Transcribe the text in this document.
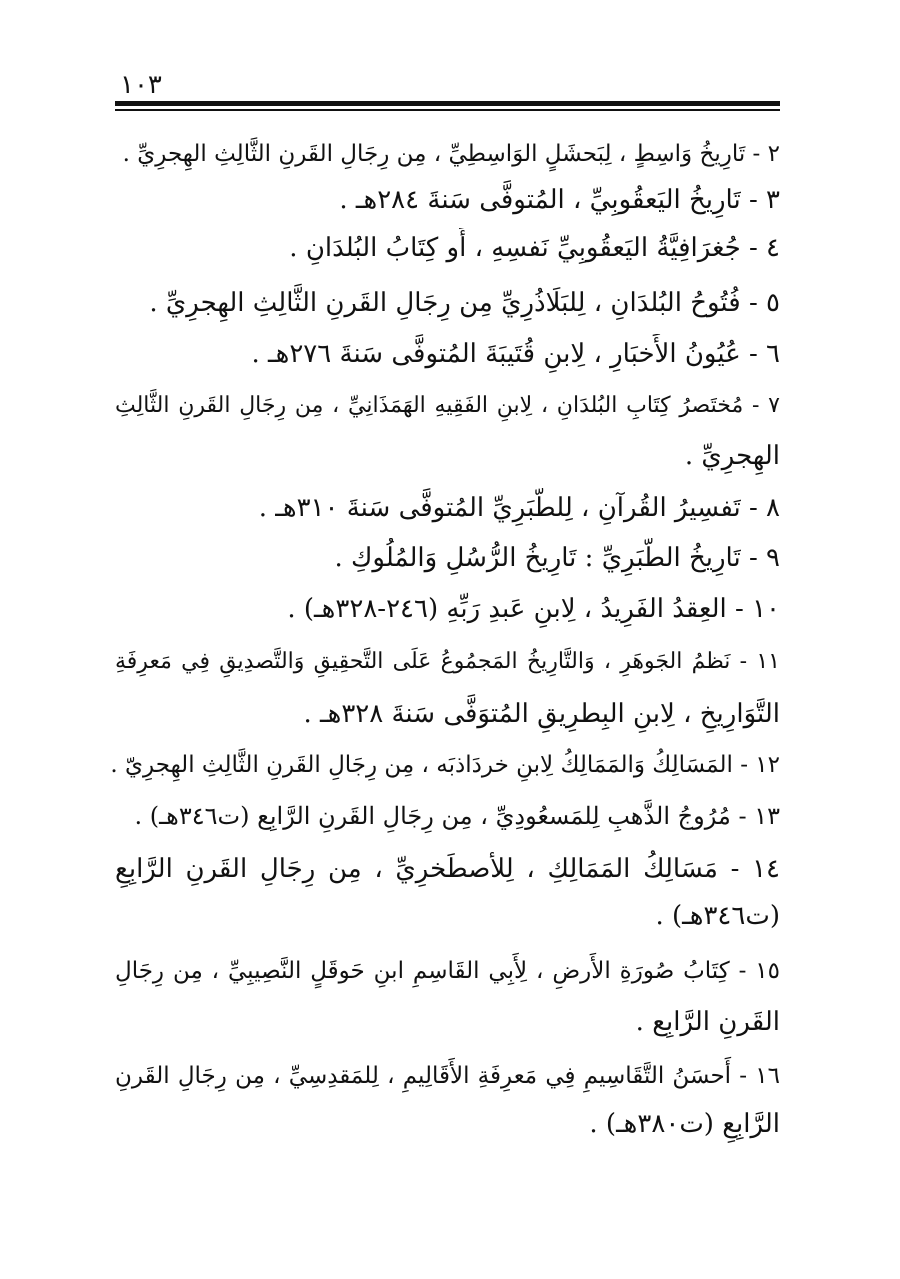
١٠٣
٢ - تَارِيخُ وَاسِطٍ ، لِبَحشَلٍ الوَاسِطِيِّ ، مِن رِجَالِ القَرنِ الثَّالِثِ الهِجرِيِّ .
٣ - تَارِيخُ اليَعقُوبِيِّ ، المُتوفَّى سَنةَ ٢٨٤هـ .
٤ - جُغرَافِيَّةُ اليَعقُوبِيِّ نَفسِهِ ، أَو كِتَابُ البُلدَانِ .
٥ - فُتُوحُ البُلدَانِ ، لِلبَلَاذُرِيِّ مِن رِجَالِ القَرنِ الثَّالِثِ الهِجرِيِّ .
٦ - عُيُونُ الأَخبَارِ ، لِابنِ قُتَيبَةَ المُتوفَّى سَنةَ ٢٧٦هـ .
٧ - مُختَصرُ كِتَابِ البُلدَانِ ، لِابنِ الفَقِيهِ الهَمَذَانِيِّ ، مِن رِجَالِ القَرنِ الثَّالِثِ
الهِجرِيِّ .
٨ - تَفسِيرُ القُرآنِ ، لِلطَّبَرِيِّ المُتوفَّى سَنةَ ٣١٠هـ .
٩ - تَارِيخُ الطَّبَرِيِّ : تَارِيخُ الرُّسُلِ وَالمُلُوكِ .
١٠ - العِقدُ الفَرِيدُ ، لِابنِ عَبدِ رَبِّهِ (٢٤٦-٣٢٨هـ) .
١١ - نَظمُ الجَوهَرِ ، وَالتَّارِيخُ المَجمُوعُ عَلَى التَّحقِيقِ وَالتَّصدِيقِ فِي مَعرِفَةِ
التَّوَارِيخِ ، لِابنِ البِطرِيقِ المُتوَفَّى سَنةَ ٣٢٨هـ .
١٢ - المَسَالِكُ وَالمَمَالِكُ لِابنِ خردَاذبَه ، مِن رِجَالِ القَرنِ الثَّالِثِ الهِجرِيّ .
١٣ - مُرُوجُ الذَّهبِ لِلمَسعُودِيِّ ، مِن رِجَالِ القَرنِ الرَّابِع (ت٣٤٦هـ) .
١٤ - مَسَالِكُ المَمَالِكِ ، لِلأصطَخرِيِّ ، مِن رِجَالِ القَرنِ الرَّابِعِ
(ت٣٤٦هـ) .
١٥ - كِتَابُ صُورَةِ الأَرضِ ، لِأَبِي القَاسِمِ ابنِ حَوقَلٍ النَّصِيبِيِّ ، مِن رِجَالِ
القَرنِ الرَّابِع .
١٦ - أَحسَنُ التَّقَاسِيمِ فِي مَعرِفَةِ الأَقَالِيمِ ، لِلمَقدِسِيِّ ، مِن رِجَالِ القَرنِ
الرَّابِعِ (ت٣٨٠هـ) .
